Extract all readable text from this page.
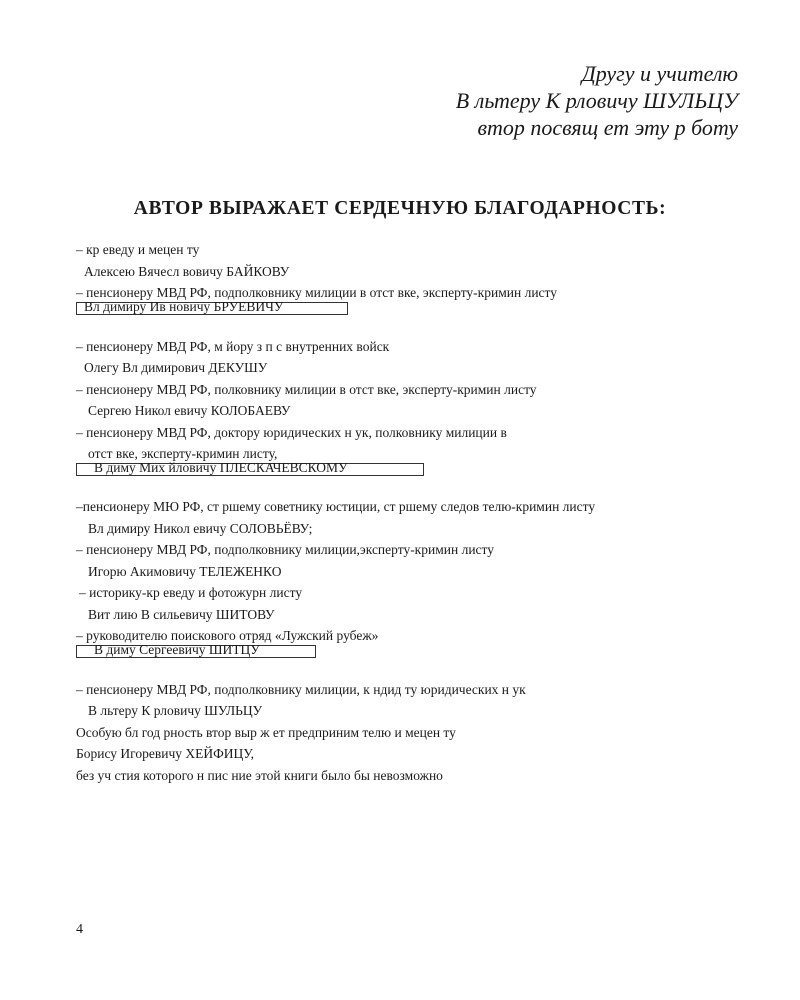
Другу и учителю
В льтеру К рловичу ШУЛЬЦУ
втор посвящ ет эту р боту
АВТОР ВЫРАЖАЕТ СЕРДЕЧНУЮ БЛАГОДАРНОСТЬ:
– кр еведу и мецен ту
Алексею Вячесл вовичу БАЙКОВУ
– пенсионеру МВД РФ, подполковнику милиции в отст вке, эксперту-кримин листу
Вл димиру Ив новичу БРУЕВИЧУ
– пенсионеру МВД РФ, м йору з п с внутренних войск
Олегу Вл димирович ДЕКУШУ
– пенсионеру МВД РФ, полковнику милиции в отст вке, эксперту-кримин листу
Сергею Никол евичу КОЛОБАЕВУ
– пенсионеру МВД РФ, доктору юридических н ук, полковнику милиции в
отст вке, эксперту-кримин листу,
В диму Мих йловичу ПЛЕСКАЧЕВСКОМУ
–пенсионеру МЮ РФ, ст ршему советнику юстиции, ст ршему следов телю-кримин листу
Вл димиру Никол евичу СОЛОВЬЁВУ;
– пенсионеру МВД РФ, подполковнику милиции,эксперту-кримин листу
Игорю Акимовичу ТЕЛЕЖЕНКО
– историку-кр еведу и фотожурн листу
Вит лию В сильевичу ШИТОВУ
– руководителю поискового отряд «Лужский рубеж»
В диму Сергеевичу ШИТЦУ
– пенсионеру МВД РФ, подполковнику милиции, к ндид ту юридических н ук
В льтеру К рловичу ШУЛЬЦУ
Особую бл год рность втор выр ж ет предприним телю и мецен ту
Борису Игоревичу ХЕЙФИЦУ,
без уч стия которого н пис ние этой книги было бы невозможно
4
